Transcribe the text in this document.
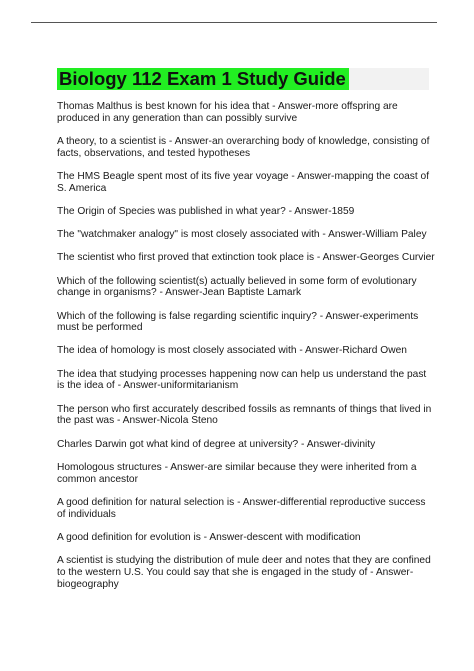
Biology 112 Exam 1 Study Guide
Thomas Malthus is best known for his idea that - Answer-more offspring are produced in any generation than can possibly survive
A theory, to a scientist is - Answer-an overarching body of knowledge, consisting of facts, observations, and tested hypotheses
The HMS Beagle spent most of its five year voyage - Answer-mapping the coast of S. America
The Origin of Species was published in what year? - Answer-1859
The "watchmaker analogy" is most closely associated with - Answer-William Paley
The scientist who first proved that extinction took place is - Answer-Georges Curvier
Which of the following scientist(s) actually believed in some form of evolutionary change in organisms? - Answer-Jean Baptiste Lamark
Which of the following is false regarding scientific inquiry? - Answer-experiments must be performed
The idea of homology is most closely associated with - Answer-Richard Owen
The idea that studying processes happening now can help us understand the past is the idea of - Answer-uniformitarianism
The person who first accurately described fossils as remnants of things that lived in the past was - Answer-Nicola Steno
Charles Darwin got what kind of degree at university? - Answer-divinity
Homologous structures - Answer-are similar because they were inherited from a common ancestor
A good definition for natural selection is - Answer-differential reproductive success of individuals
A good definition for evolution is - Answer-descent with modification
A scientist is studying the distribution of mule deer and notes that they are confined to the western U.S. You could say that she is engaged in the study of - Answer-biogeography
